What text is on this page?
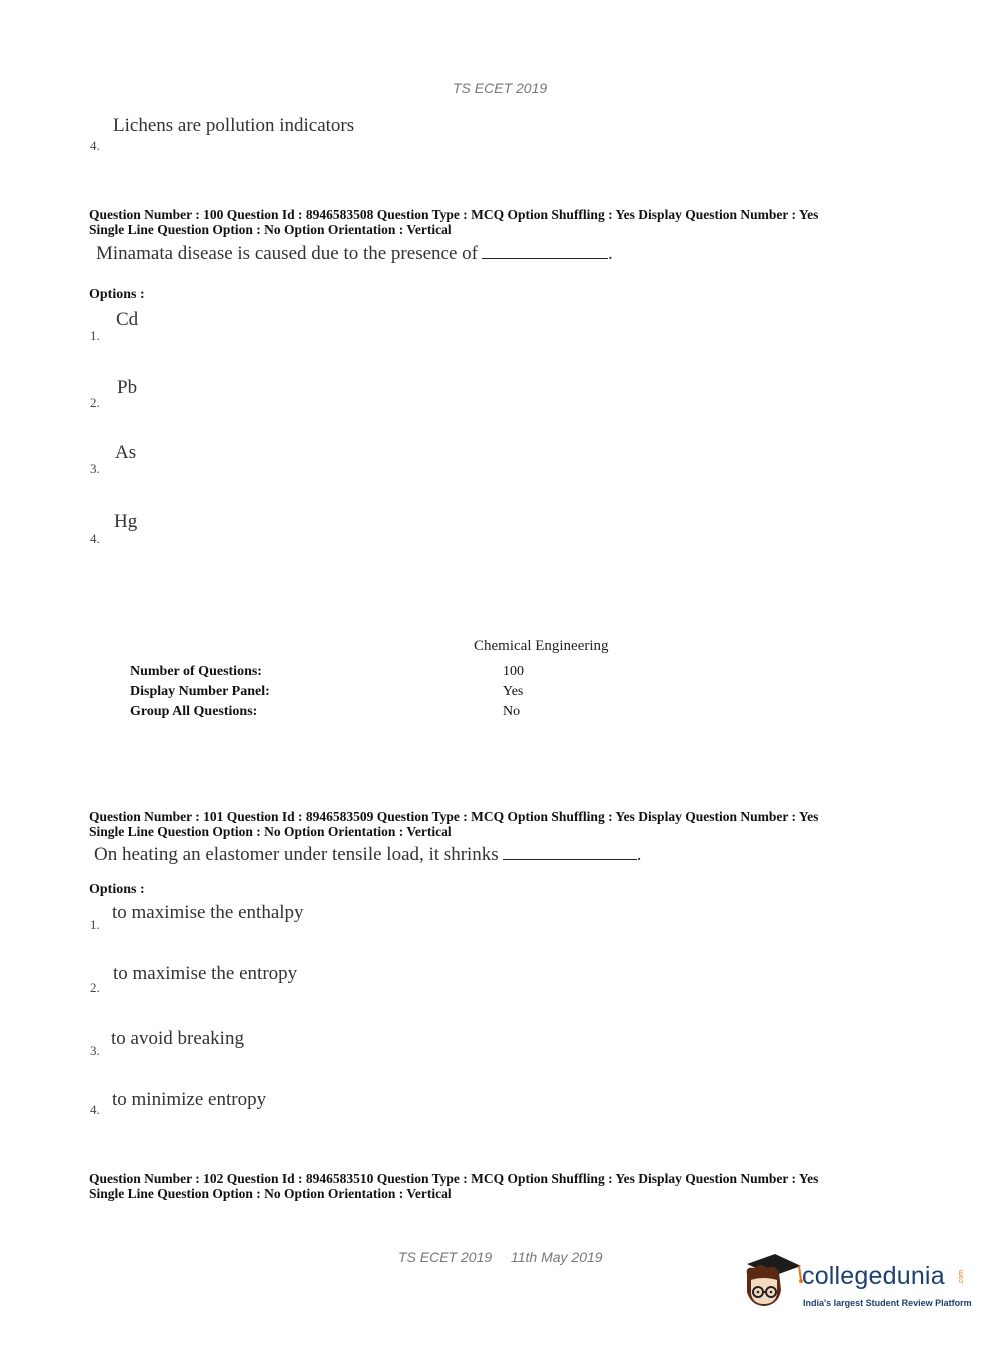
TS ECET 2019
4.
Lichens are pollution indicators
Question Number : 100 Question Id : 8946583508 Question Type : MCQ Option Shuffling : Yes Display Question Number : Yes
Single Line Question Option : No Option Orientation : Vertical
Minamata disease is caused due to the presence of	.
Options :
1.
Cd
2.
Pb
3.
As
4.
Hg
Chemical Engineering
Number of Questions:	100
Display Number Panel:	Yes
Group All Questions:	No
Question Number : 101 Question Id : 8946583509 Question Type : MCQ Option Shuffling : Yes Display Question Number : Yes
Single Line Question Option : No Option Orientation : Vertical
On heating an elastomer under tensile load, it shrinks	.
Options :
1.
to maximise the enthalpy
2.
to maximise the entropy
3.
to avoid breaking
4. to minimize entropy
Question Number : 102 Question Id : 8946583510 Question Type : MCQ Option Shuffling : Yes Display Question Number : Yes
Single Line Question Option : No Option Orientation : Vertical
TS ECET 2019 11th May 2019
collegedunia .com
India's largest Student Review Platform
